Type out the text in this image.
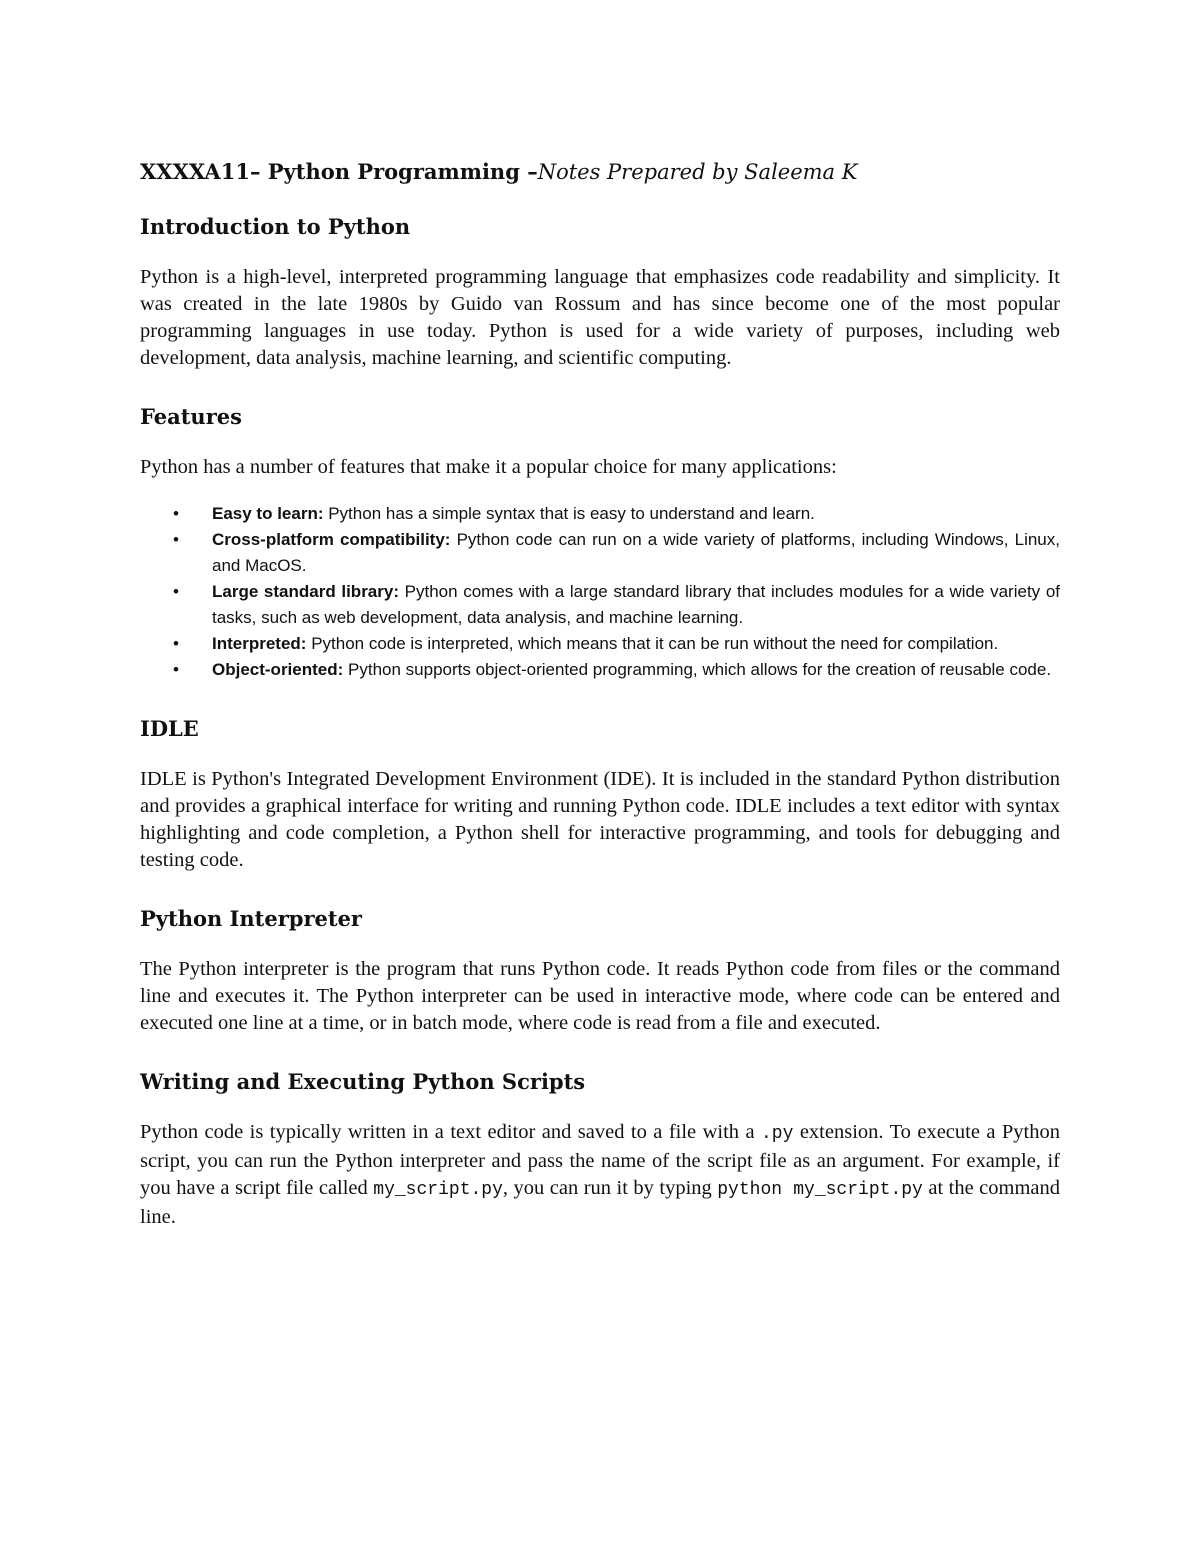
XXXXA11– Python Programming –Notes Prepared by Saleema K
Introduction to Python

Python is a high-level, interpreted programming language that emphasizes code readability and simplicity. It was created in the late 1980s by Guido van Rossum and has since become one of the most popular programming languages in use today. Python is used for a wide variety of purposes, including web development, data analysis, machine learning, and scientific computing.

Features

Python has a number of features that make it a popular choice for many applications:

• Easy to learn: Python has a simple syntax that is easy to understand and learn.
• Cross-platform compatibility: Python code can run on a wide variety of platforms, including Windows, Linux, and MacOS.
• Large standard library: Python comes with a large standard library that includes modules for a wide variety of tasks, such as web development, data analysis, and machine learning.
• Interpreted: Python code is interpreted, which means that it can be run without the need for compilation.
• Object-oriented: Python supports object-oriented programming, which allows for the creation of reusable code.
IDLE

IDLE is Python's Integrated Development Environment (IDE). It is included in the standard Python distribution and provides a graphical interface for writing and running Python code. IDLE includes a text editor with syntax highlighting and code completion, a Python shell for interactive programming, and tools for debugging and testing code.

Python Interpreter

The Python interpreter is the program that runs Python code. It reads Python code from files or the command line and executes it. The Python interpreter can be used in interactive mode, where code can be entered and executed one line at a time, or in batch mode, where code is read from a file and executed.

Writing and Executing Python Scripts

Python code is typically written in a text editor and saved to a file with a .py extension. To execute a Python script, you can run the Python interpreter and pass the name of the script file as an argument. For example, if you have a script file called my_script.py, you can run it by typing python my_script.py at the command line.
